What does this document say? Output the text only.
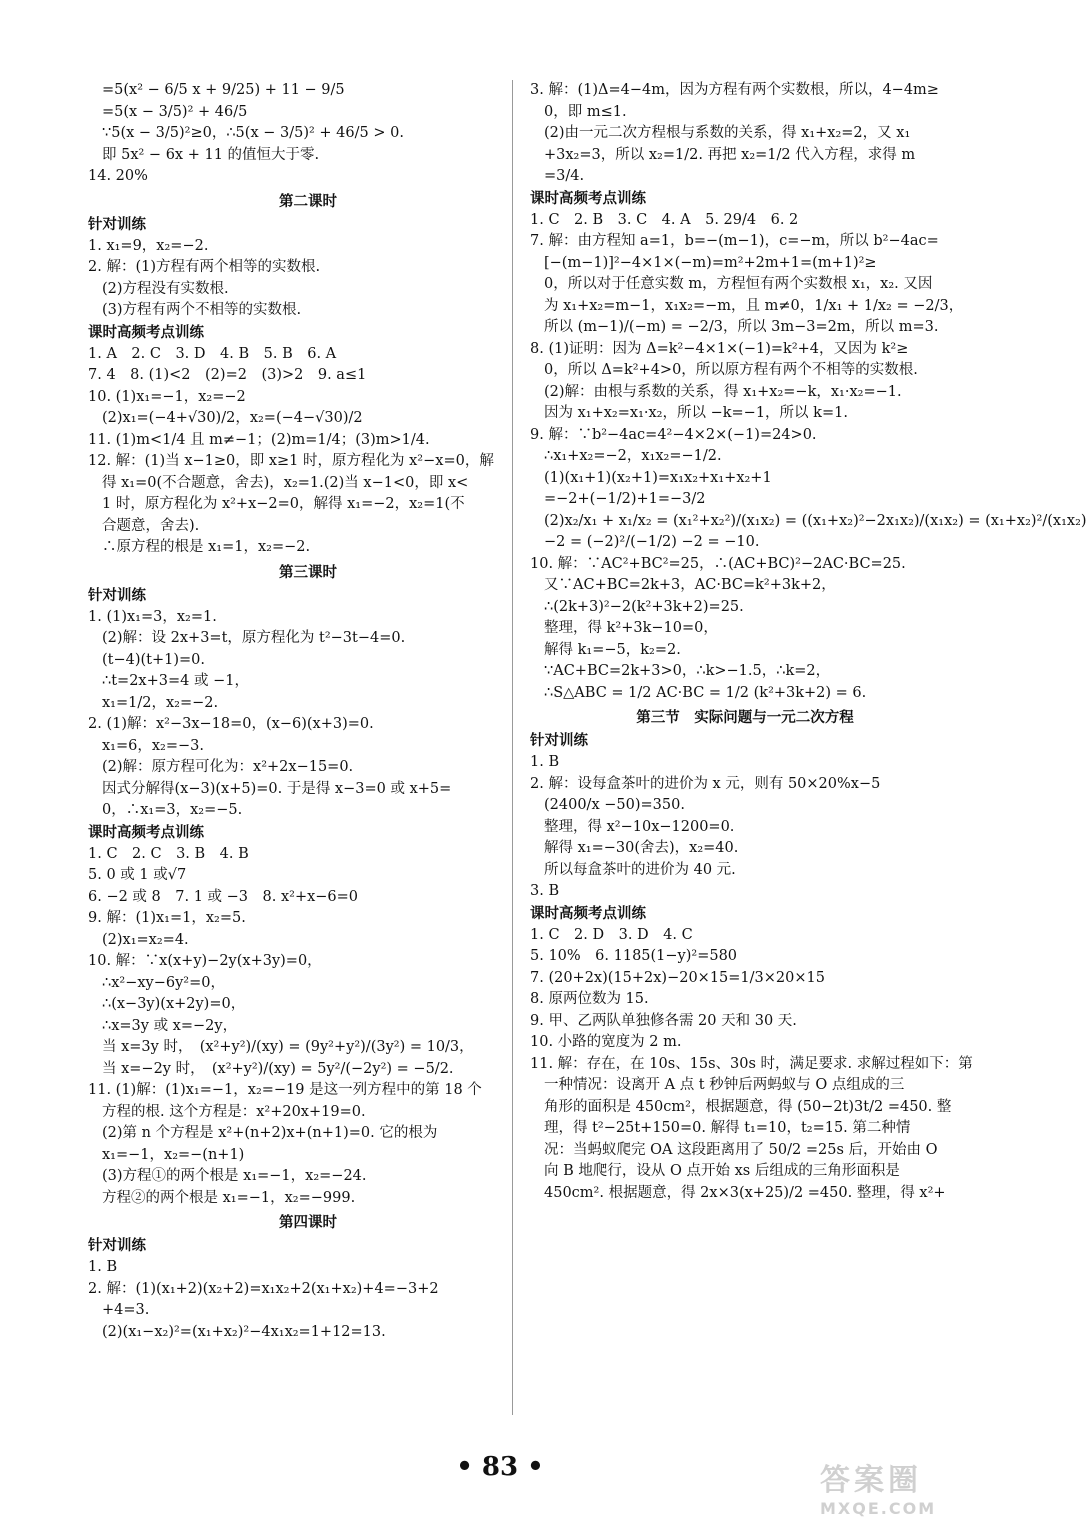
=5(x² − 6/5 x + 9/25) + 11 − 9/5
=5(x − 3/5)² + 46/5
∵5(x − 3/5)²≥0，∴5(x − 3/5)² + 46/5 > 0.
即 5x² − 6x + 11 的值恒大于零.
14. 20%
第二课时
针对训练
1. x₁=9，x₂=−2.
2. 解：(1)方程有两个相等的实数根.
(2)方程没有实数根.
(3)方程有两个不相等的实数根.
课时高频考点训练
1. A　2. C　3. D　4. B　5. B　6. A
7. 4　8. (1)<2　(2)=2　(3)>2　9. a≤1
10. (1)x₁=−1，x₂=−2
(2)x₁=(−4+√30)/2，x₂=(−4−√30)/2
11. (1)m<1/4 且 m≠−1；(2)m=1/4；(3)m>1/4.
12. 解：(1)当 x−1≥0，即 x≥1 时，原方程化为 x²−x=0，解
得 x₁=0(不合题意，舍去)，x₂=1.(2)当 x−1<0，即 x<
1 时，原方程化为 x²+x−2=0，解得 x₁=−2，x₂=1(不
合题意，舍去).
∴原方程的根是 x₁=1，x₂=−2.
第三课时
针对训练
1. (1)x₁=3，x₂=1.
(2)解：设 2x+3=t，原方程化为 t²−3t−4=0.
(t−4)(t+1)=0.
∴t=2x+3=4 或 −1，
x₁=1/2，x₂=−2.
2. (1)解：x²−3x−18=0，(x−6)(x+3)=0.
x₁=6，x₂=−3.
(2)解：原方程可化为：x²+2x−15=0.
因式分解得(x−3)(x+5)=0. 于是得 x−3=0 或 x+5=
0，∴x₁=3，x₂=−5.
课时高频考点训练
1. C　2. C　3. B　4. B
5. 0 或 1 或√7
6. −2 或 8　7. 1 或 −3　8. x²+x−6=0
9. 解：(1)x₁=1，x₂=5.
(2)x₁=x₂=4.
10. 解：∵x(x+y)−2y(x+3y)=0，
∴x²−xy−6y²=0，
∴(x−3y)(x+2y)=0，
∴x=3y 或 x=−2y，
当 x=3y 时，　(x²+y²)/(xy) = (9y²+y²)/(3y²) = 10/3，
当 x=−2y 时，　(x²+y²)/(xy) = 5y²/(−2y²) = −5/2.
11. (1)解：(1)x₁=−1，x₂=−19 是这一列方程中的第 18 个
方程的根. 这个方程是：x²+20x+19=0.
(2)第 n 个方程是 x²+(n+2)x+(n+1)=0. 它的根为
x₁=−1，x₂=−(n+1)
(3)方程①的两个根是 x₁=−1，x₂=−24.
方程②的两个根是 x₁=−1，x₂=−999.
第四课时
针对训练
1. B
2. 解：(1)(x₁+2)(x₂+2)=x₁x₂+2(x₁+x₂)+4=−3+2
+4=3.
(2)(x₁−x₂)²=(x₁+x₂)²−4x₁x₂=1+12=13.
3. 解：(1)Δ=4−4m，因为方程有两个实数根，所以，4−4m≥
0，即 m≤1.
(2)由一元二次方程根与系数的关系，得 x₁+x₂=2，又 x₁
+3x₂=3，所以 x₂=1/2. 再把 x₂=1/2 代入方程，求得 m
=3/4.
课时高频考点训练
1. C　2. B　3. C　4. A　5. 29/4　6. 2
7. 解：由方程知 a=1，b=−(m−1)，c=−m，所以 b²−4ac=
[−(m−1)]²−4×1×(−m)=m²+2m+1=(m+1)²≥
0，所以对于任意实数 m，方程恒有两个实数根 x₁，x₂. 又因
为 x₁+x₂=m−1，x₁x₂=−m，且 m≠0，1/x₁ + 1/x₂ = −2/3，
所以 (m−1)/(−m) = −2/3，所以 3m−3=2m，所以 m=3.
8. (1)证明：因为 Δ=k²−4×1×(−1)=k²+4，又因为 k²≥
0，所以 Δ=k²+4>0，所以原方程有两个不相等的实数根.
(2)解：由根与系数的关系，得 x₁+x₂=−k，x₁·x₂=−1.
因为 x₁+x₂=x₁·x₂，所以 −k=−1，所以 k=1.
9. 解：∵b²−4ac=4²−4×2×(−1)=24>0.
∴x₁+x₂=−2，x₁x₂=−1/2.
(1)(x₁+1)(x₂+1)=x₁x₂+x₁+x₂+1
=−2+(−1/2)+1=−3/2
(2)x₂/x₁ + x₁/x₂ = (x₁²+x₂²)/(x₁x₂) = ((x₁+x₂)²−2x₁x₂)/(x₁x₂) = (x₁+x₂)²/(x₁x₂)
−2 = (−2)²/(−1/2) −2 = −10.
10. 解：∵AC²+BC²=25，∴(AC+BC)²−2AC·BC=25.
又∵AC+BC=2k+3，AC·BC=k²+3k+2，
∴(2k+3)²−2(k²+3k+2)=25.
整理，得 k²+3k−10=0，
解得 k₁=−5，k₂=2.
∵AC+BC=2k+3>0，∴k>−1.5，∴k=2，
∴S△ABC = 1/2 AC·BC = 1/2 (k²+3k+2) = 6.
第三节　实际问题与一元二次方程
针对训练
1. B
2. 解：设每盒茶叶的进价为 x 元，则有 50×20%x−5
(2400/x −50)=350.
整理，得 x²−10x−1200=0.
解得 x₁=−30(舍去)，x₂=40.
所以每盒茶叶的进价为 40 元.
3. B
课时高频考点训练
1. C　2. D　3. D　4. C
5. 10%　6. 1185(1−y)²=580
7. (20+2x)(15+2x)−20×15=1/3×20×15
8. 原两位数为 15.
9. 甲、乙两队单独修各需 20 天和 30 天.
10. 小路的宽度为 2 m.
11. 解：存在，在 10s、15s、30s 时，满足要求. 求解过程如下：第
一种情况：设离开 A 点 t 秒钟后两蚂蚁与 O 点组成的三
角形的面积是 450cm²，根据题意，得 (50−2t)3t/2 =450. 整
理，得 t²−25t+150=0. 解得 t₁=10，t₂=15. 第二种情
况：当蚂蚁爬完 OA 这段距离用了 50/2 =25s 后，开始由 O
向 B 地爬行，设从 O 点开始 xs 后组成的三角形面积是
450cm². 根据题意，得 2x×3(x+25)/2 =450. 整理，得 x²+
• 83 •	答案圈
MXQE.COM
